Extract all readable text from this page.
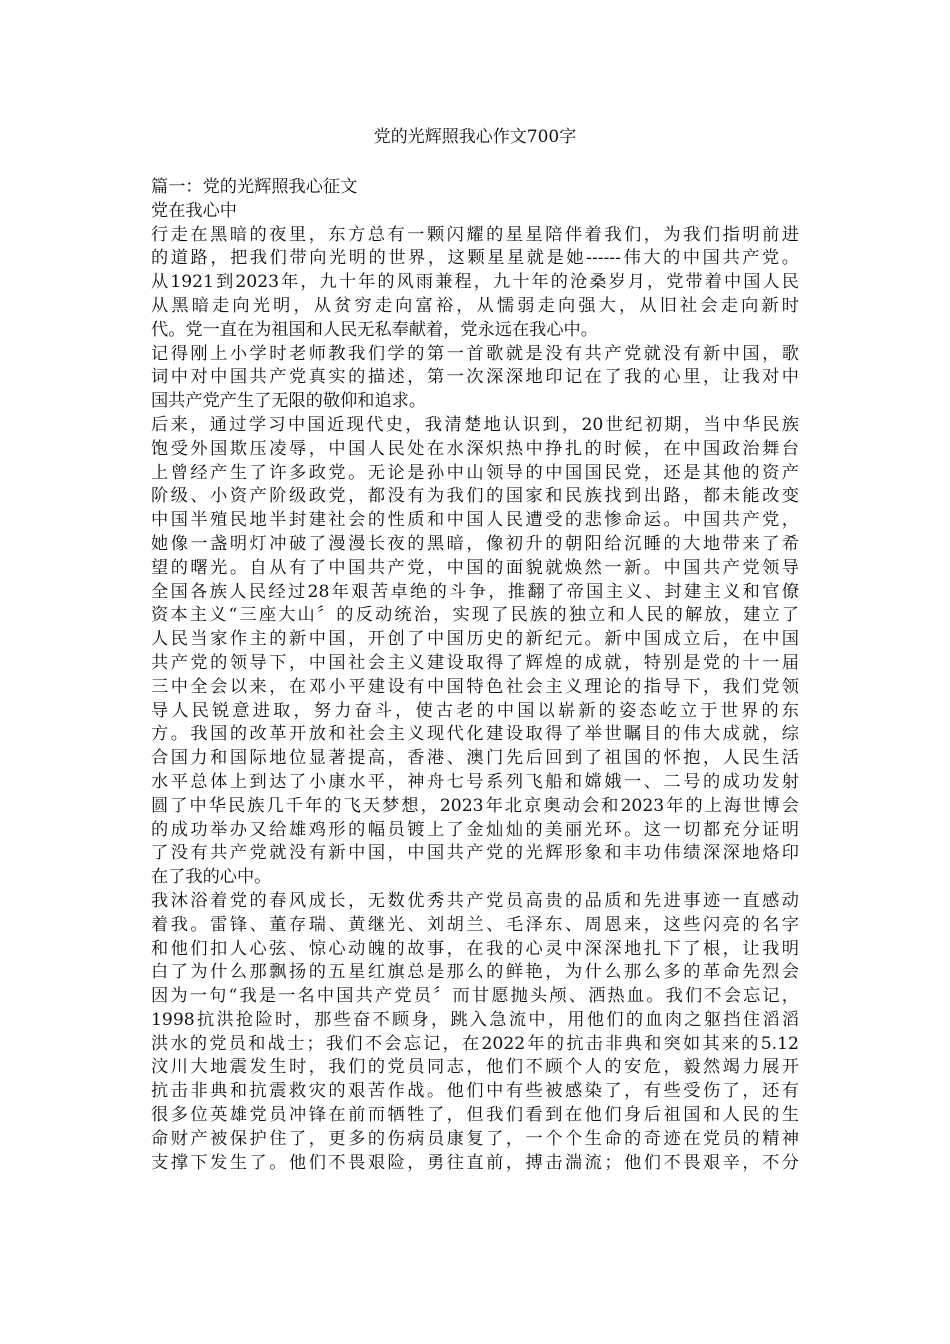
党的光辉照我心作文700字
篇一：党的光辉照我心征文
党在我心中
行走在黑暗的夜里，东方总有一颗闪耀的星星陪伴着我们，为我们指明前进
的道路，把我们带向光明的世界，这颗星星就是她------伟大的中国共产党。
从1921到2023年，九十年的风雨兼程，九十年的沧桑岁月，党带着中国人民
从黑暗走向光明，从贫穷走向富裕，从懦弱走向强大，从旧社会走向新时
代。党一直在为祖国和人民无私奉献着，党永远在我心中。
记得刚上小学时老师教我们学的第一首歌就是没有共产党就没有新中国，歌
词中对中国共产党真实的描述，第一次深深地印记在了我的心里，让我对中
国共产党产生了无限的敬仰和追求。
后来，通过学习中国近现代史，我清楚地认识到，20世纪初期，当中华民族
饱受外国欺压凌辱，中国人民处在水深炽热中挣扎的时候，在中国政治舞台
上曾经产生了许多政党。无论是孙中山领导的中国国民党，还是其他的资产
阶级、小资产阶级政党，都没有为我们的国家和民族找到出路，都未能改变
中国半殖民地半封建社会的性质和中国人民遭受的悲惨命运。中国共产党，
她像一盏明灯冲破了漫漫长夜的黑暗，像初升的朝阳给沉睡的大地带来了希
望的曙光。自从有了中国共产党，中国的面貌就焕然一新。中国共产党领导
全国各族人民经过28年艰苦卓绝的斗争，推翻了帝国主义、封建主义和官僚
资本主义“三座大山〞的反动统治，实现了民族的独立和人民的解放，建立了
人民当家作主的新中国，开创了中国历史的新纪元。新中国成立后，在中国
共产党的领导下，中国社会主义建设取得了辉煌的成就，特别是党的十一届
三中全会以来，在邓小平建设有中国特色社会主义理论的指导下，我们党领
导人民锐意进取，努力奋斗，使古老的中国以崭新的姿态屹立于世界的东
方。我国的改革开放和社会主义现代化建设取得了举世瞩目的伟大成就，综
合国力和国际地位显著提高，香港、澳门先后回到了祖国的怀抱，人民生活
水平总体上到达了小康水平，神舟七号系列飞船和嫦娥一、二号的成功发射
圆了中华民族几千年的飞天梦想，2023年北京奥动会和2023年的上海世博会
的成功举办又给雄鸡形的幅员镀上了金灿灿的美丽光环。这一切都充分证明
了没有共产党就没有新中国，中国共产党的光辉形象和丰功伟绩深深地烙印
在了我的心中。
我沐浴着党的春风成长，无数优秀共产党员高贵的品质和先进事迹一直感动
着我。雷锋、董存瑞、黄继光、刘胡兰、毛泽东、周恩来，这些闪亮的名字
和他们扣人心弦、惊心动魄的故事，在我的心灵中深深地扎下了根，让我明
白了为什么那飘扬的五星红旗总是那么的鲜艳，为什么那么多的革命先烈会
因为一句“我是一名中国共产党员〞而甘愿抛头颅、洒热血。我们不会忘记，
1998抗洪抢险时，那些奋不顾身，跳入急流中，用他们的血肉之躯挡住滔滔
洪水的党员和战士；我们不会忘记，在2022年的抗击非典和突如其来的5.12
汶川大地震发生时，我们的党员同志，他们不顾个人的安危，毅然竭力展开
抗击非典和抗震救灾的艰苦作战。他们中有些被感染了，有些受伤了，还有
很多位英雄党员冲锋在前而牺牲了，但我们看到在他们身后祖国和人民的生
命财产被保护住了，更多的伤病员康复了，一个个生命的奇迹在党员的精神
支撑下发生了。他们不畏艰险，勇往直前，搏击湍流；他们不畏艰辛，不分
